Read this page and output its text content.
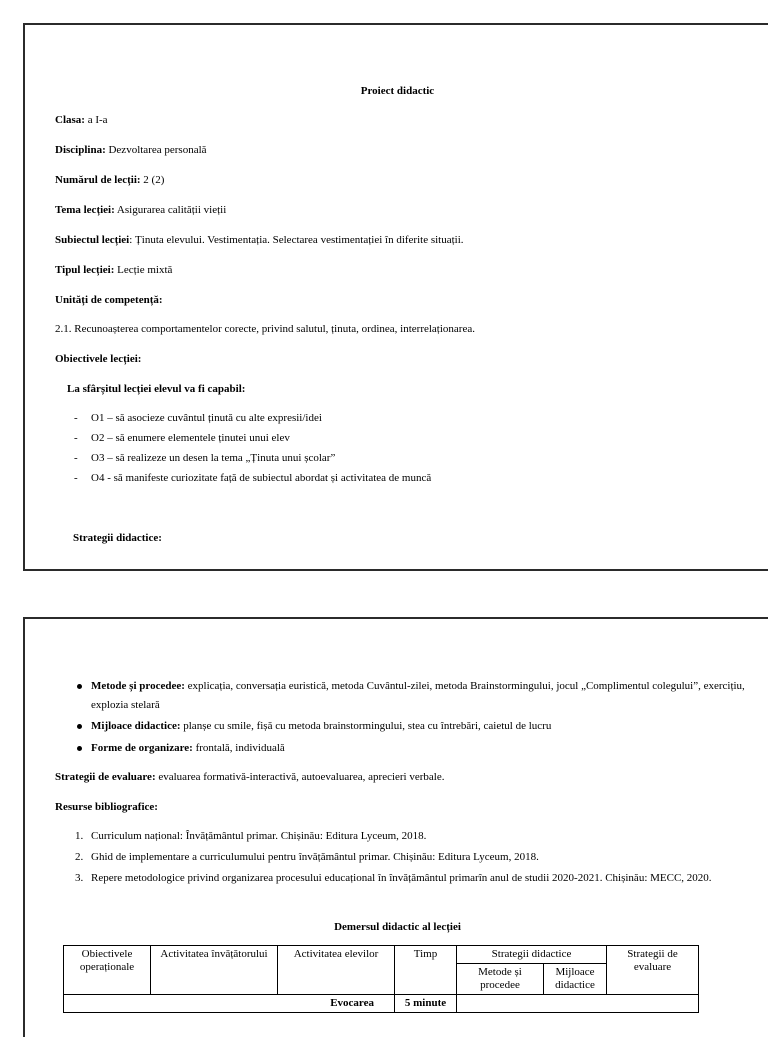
Proiect didactic
Clasa: a I-a
Disciplina: Dezvoltarea personală
Numărul de lecții: 2 (2)
Tema lecției: Asigurarea calității vieții
Subiectul lecției: Ținuta elevului. Vestimentația. Selectarea vestimentației în diferite situații.
Tipul lecției: Lecție mixtă
Unități de competență:
2.1. Recunoașterea comportamentelor corecte, privind salutul, ținuta, ordinea, interrelaționarea.
Obiectivele lecției:
La sfârșitul lecției elevul va fi capabil:
- O1 – să asocieze cuvântul ținută cu alte expresii/idei
- O2 – să enumere elementele ținutei unui elev
- O3 – să realizeze un desen la tema „Ținuta unui școlar”
- O4 - să manifeste curiozitate față de subiectul abordat și activitatea de muncă
Strategii didactice:
Metode și procedee: explicația, conversația euristică, metoda Cuvântul-zilei, metoda Brainstormingului, jocul „Complimentul colegului”, exercițiu, explozia stelară
Mijloace didactice: planșe cu smile, fișă cu metoda brainstormingului, stea cu întrebări, caietul de lucru
Forme de organizare: frontală, individuală
Strategii de evaluare: evaluarea formativă-interactivă, autoevaluarea, aprecieri verbale.
Resurse bibliografice:
1. Curriculum național: Învățământul primar. Chișinău: Editura Lyceum, 2018.
2. Ghid de implementare a curriculumului pentru învățământul primar. Chișinău: Editura Lyceum, 2018.
3. Repere metodologice privind organizarea procesului educațional în învățământul primarîn anul de studii 2020-2021. Chișinău: MECC, 2020.
Demersul didactic al lecției
Obiectivele operaționale	Activitatea învățătorului	Activitatea elevilor	Timp	Strategii didactice		Strategii de evaluare
				Metode și procedee	Mijloace didactice	
Evocarea			5 minute			
